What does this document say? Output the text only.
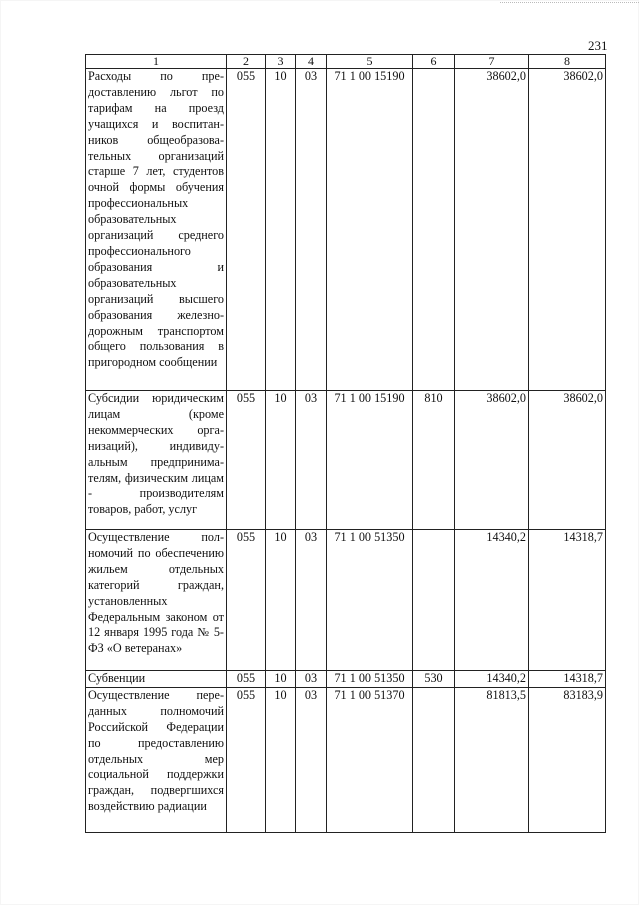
231
1	2	3	4	5	6	7	8
Расходы по предоставлению льгот по тарифам на проезд учащихся и воспитанников общеобразовательных организаций старше 7 лет, студентов очной формы обучения профессиональных образовательных организаций среднего профессионального образования и образовательных организаций высшего образования железнодорожным транспортом общего пользования в пригородном сообщении	055	10	03	71 1 00 15190		38602,0	38602,0
Субсидии юридическим лицам (кроме некоммерческих организаций), индивидуальным предпринимателям, физическим лицам - производителям товаров, работ, услуг	055	10	03	71 1 00 15190	810	38602,0	38602,0
Осуществление полномочий по обеспечению жильем отдельных категорий граждан, установленных Федеральным законом от 12 января 1995 года № 5-ФЗ «О ветеранах»	055	10	03	71 1 00 51350		14340,2	14318,7
Субвенции	055	10	03	71 1 00 51350	530	14340,2	14318,7
Осуществление переданных полномочий Российской Федерации по предоставлению отдельных мер социальной поддержки граждан, подвергшихся воздействию радиации	055	10	03	71 1 00 51370		81813,5	83183,9
